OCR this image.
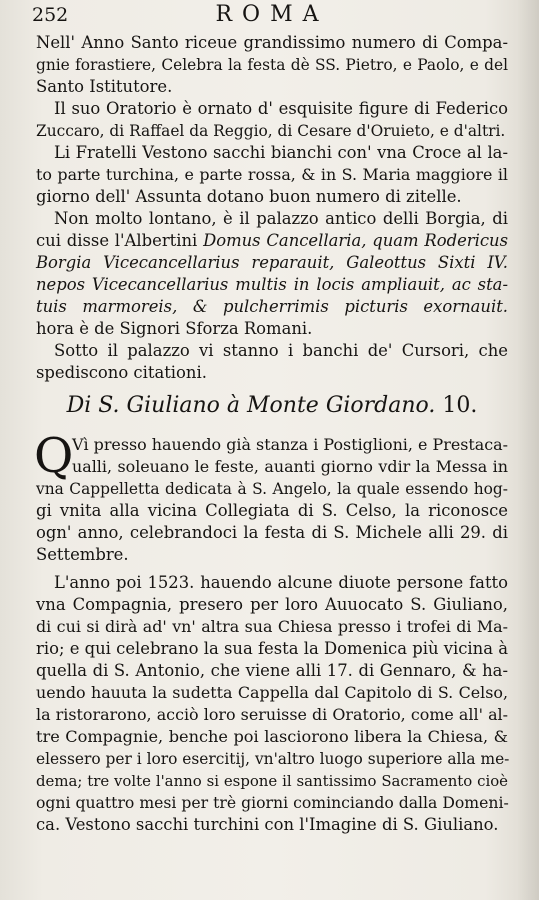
252	ROMA
Nell' Anno Santo riceue grandissimo numero di Compa-
gnie forastiere, Celebra la festa dè SS. Pietro, e Paolo, e del
Santo Istitutore.
Il suo Oratorio è ornato d' esquisite figure di Federico
Zuccaro, di Raffael da Reggio, di Cesare d'Oruieto, e d'altri.
Li Fratelli Vestono sacchi bianchi con' vna Croce al la-
to parte turchina, e parte rossa, & in S. Maria maggiore il
giorno dell' Assunta dotano buon numero di zitelle.
Non molto lontano, è il palazzo antico delli Borgia, di
cui disse l'Albertini Domus Cancellaria, quam Rodericus
Borgia Vicecancellarius reparauit, Galeottus Sixti IV.
nepos Vicecancellarius multis in locis ampliauit, ac sta-
tuis marmoreis, & pulcherrimis picturis exornauit.
hora è de Signori Sforza Romani.
Sotto il palazzo vi stanno i banchi de' Cursori, che
spediscono citationi.
Di S. Giuliano à Monte Giordano. 10.
Q
Vì presso hauendo già stanza i Postiglioni, e Prestaca-
ualli, soleuano le feste, auanti giorno vdir la Messa in
vna Cappelletta dedicata à S. Angelo, la quale essendo hog-
gi vnita alla vicina Collegiata di S. Celso, la riconosce
ogn' anno, celebrandoci la festa di S. Michele alli 29. di
Settembre.
L'anno poi 1523. hauendo alcune diuote persone fatto
vna Compagnia, presero per loro Auuocato S. Giuliano,
di cui si dirà ad' vn' altra sua Chiesa presso i trofei di Ma-
rio; e qui celebrano la sua festa la Domenica più vicina à
quella di S. Antonio, che viene alli 17. di Gennaro, & ha-
uendo hauuta la sudetta Cappella dal Capitolo di S. Celso,
la ristorarono, acciò loro seruisse di Oratorio, come all' al-
tre Compagnie, benche poi lasciorono libera la Chiesa, &
elessero per i loro esercitij, vn'altro luogo superiore alla me-
dema; tre volte l'anno si espone il santissimo Sacramento cioè
ogni quattro mesi per trè giorni cominciando dalla Domeni-
ca. Vestono sacchi turchini con l'Imagine di S. Giuliano.
